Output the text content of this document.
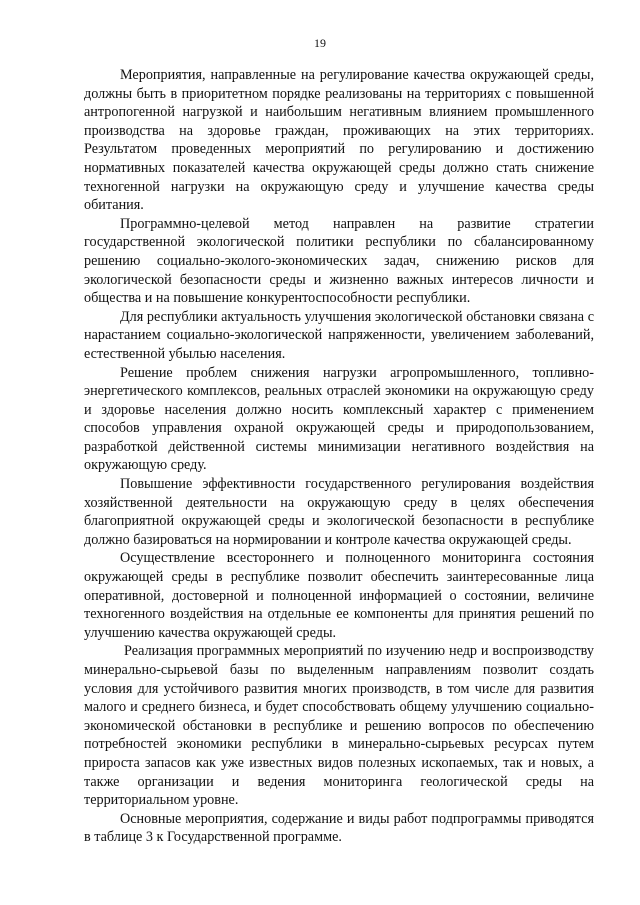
19

Мероприятия, направленные на регулирование качества окружающей среды, должны быть в приоритетном порядке реализованы на территориях с повышенной антропогенной нагрузкой и наибольшим негативным влиянием промышленного производства на здоровье граждан, проживающих на этих территориях. Результатом проведенных мероприятий по регулированию и достижению нормативных показателей качества окружающей среды должно стать снижение техногенной нагрузки на окружающую среду и улучшение качества среды обитания.

Программно-целевой метод направлен на развитие стратегии государственной экологической политики республики по сбалансированному решению социально-эколого-экономических задач, снижению рисков для экологической безопасности среды и жизненно важных интересов личности и общества и на повышение конкурентоспособности республики.

Для республики актуальность улучшения экологической обстановки связана с нарастанием социально-экологической напряженности, увеличением заболеваний, естественной убылью населения.

Решение проблем снижения нагрузки агропромышленного, топливно-энергетического комплексов, реальных отраслей экономики на окружающую среду и здоровье населения должно носить комплексный характер с применением способов управления охраной окружающей среды и природопользованием, разработкой действенной системы минимизации негативного воздействия на окружающую среду.

Повышение эффективности государственного регулирования воздействия хозяйственной деятельности на окружающую среду в целях обеспечения благоприятной окружающей среды и экологической безопасности в республике должно базироваться на нормировании и контроле качества окружающей среды.

Осуществление всестороннего и полноценного мониторинга состояния окружающей среды в республике позволит обеспечить заинтересованные лица оперативной, достоверной и полноценной информацией о состоянии, величине техногенного воздействия на отдельные ее компоненты для принятия решений по улучшению качества окружающей среды.

Реализация программных мероприятий по изучению недр и воспроизводству минерально-сырьевой базы по выделенным направлениям позволит создать условия для устойчивого развития многих производств, в том числе для развития малого и среднего бизнеса, и будет способствовать общему улучшению социально-экономической обстановки в республике и решению вопросов по обеспечению потребностей экономики республики в минерально-сырьевых ресурсах путем прироста запасов как уже известных видов полезных ископаемых, так и новых, а также организации и ведения мониторинга геологической среды на территориальном уровне.

Основные мероприятия, содержание и виды работ подпрограммы приводятся в таблице 3 к Государственной программе.
